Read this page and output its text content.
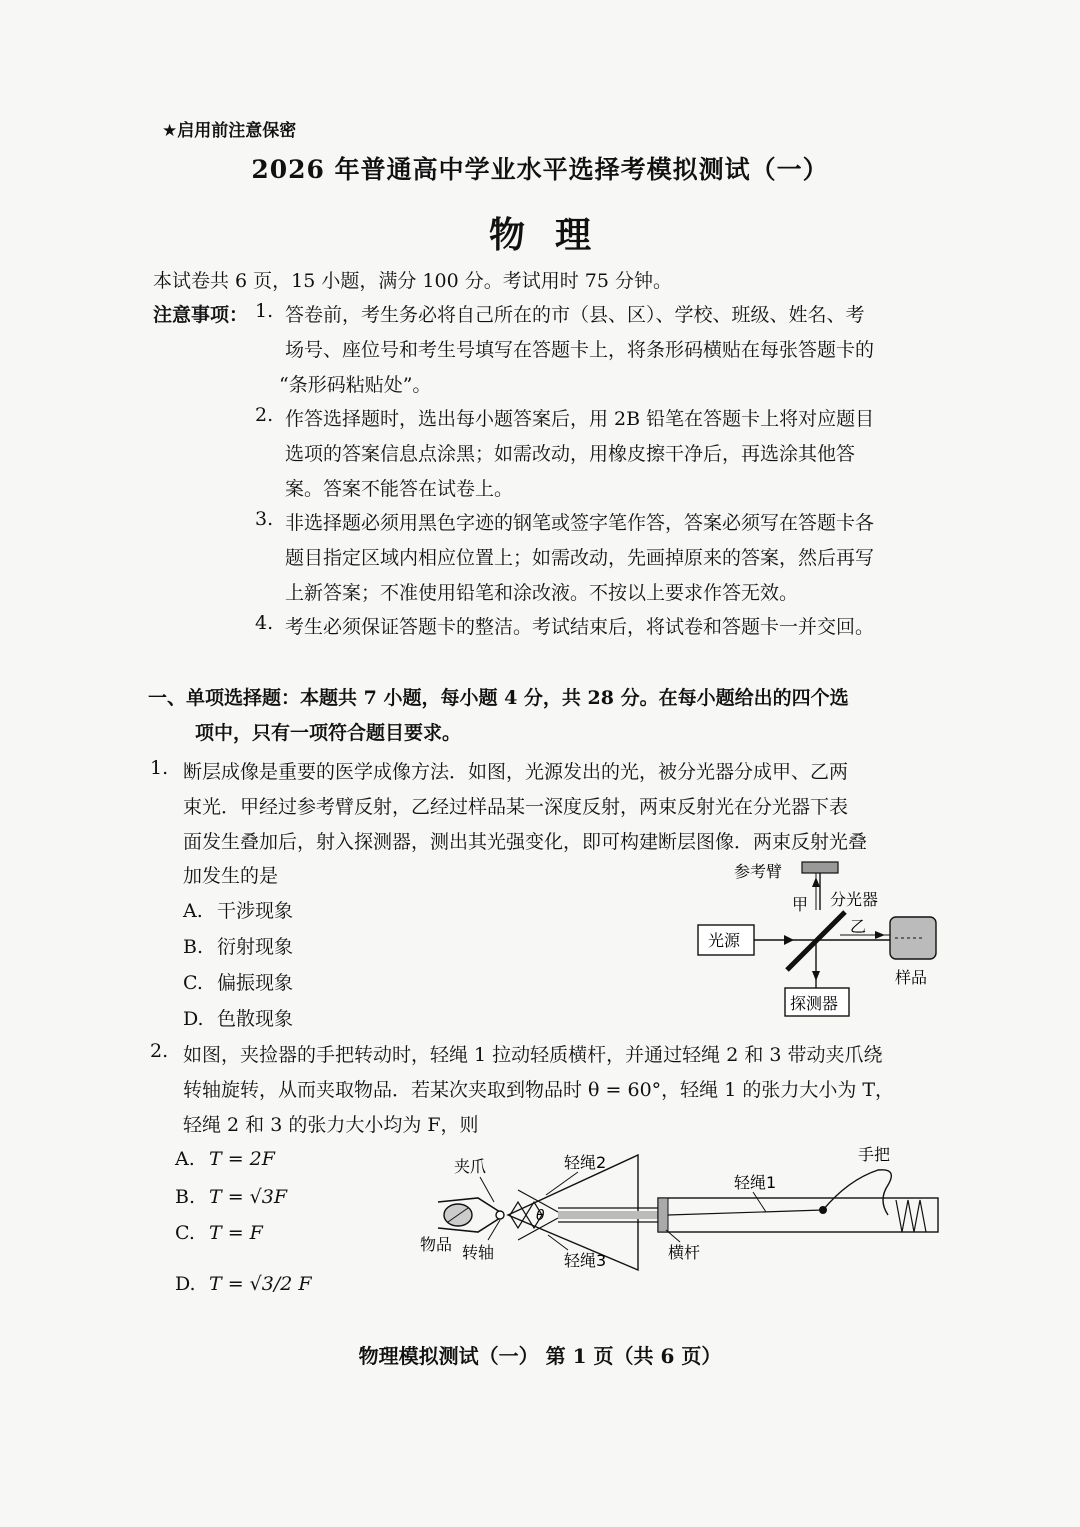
★启用前注意保密
2026 年普通高中学业水平选择考模拟测试（一）
物理
本试卷共 6 页，15 小题，满分 100 分。考试用时 75 分钟。
注意事项： 1. 答卷前，考生务必将自己所在的市（县、区）、学校、班级、姓名、考
场号、座位号和考生号填写在答题卡上，将条形码横贴在每张答题卡的
“条形码粘贴处”。
2. 作答选择题时，选出每小题答案后，用 2B 铅笔在答题卡上将对应题目
选项的答案信息点涂黑；如需改动，用橡皮擦干净后，再选涂其他答
案。答案不能答在试卷上。
3. 非选择题必须用黑色字迹的钢笔或签字笔作答，答案必须写在答题卡各
题目指定区域内相应位置上；如需改动，先画掉原来的答案，然后再写
上新答案；不准使用铅笔和涂改液。不按以上要求作答无效。
4. 考生必须保证答题卡的整洁。考试结束后，将试卷和答题卡一并交回。
一、单项选择题：本题共 7 小题，每小题 4 分，共 28 分。在每小题给出的四个选
项中，只有一项符合题目要求。
1. 断层成像是重要的医学成像方法．如图，光源发出的光，被分光器分成甲、乙两
束光．甲经过参考臂反射，乙经过样品某一深度反射，两束反射光在分光器下表
面发生叠加后，射入探测器，测出其光强变化，即可构建断层图像．两束反射光叠
加发生的是
A. 干涉现象
B. 衍射现象
C. 偏振现象
D. 色散现象
参考臂
甲 分光器
光源
乙
样品
探测器
2. 如图，夹捡器的手把转动时，轻绳 1 拉动轻质横杆，并通过轻绳 2 和 3 带动夹爪绕
转轴旋转，从而夹取物品．若某次夹取到物品时 θ = 60°，轻绳 1 的张力大小为 T，
轻绳 2 和 3 的张力大小均为 F，则
A. T = 2F
B. T = √3F
C. T = F
D. T = √3/2 F
夹爪
θ
轻绳2
轻绳1
手把
物品 转轴	轻绳3	横杆
物理模拟测试（一） 第 1 页（共 6 页）
